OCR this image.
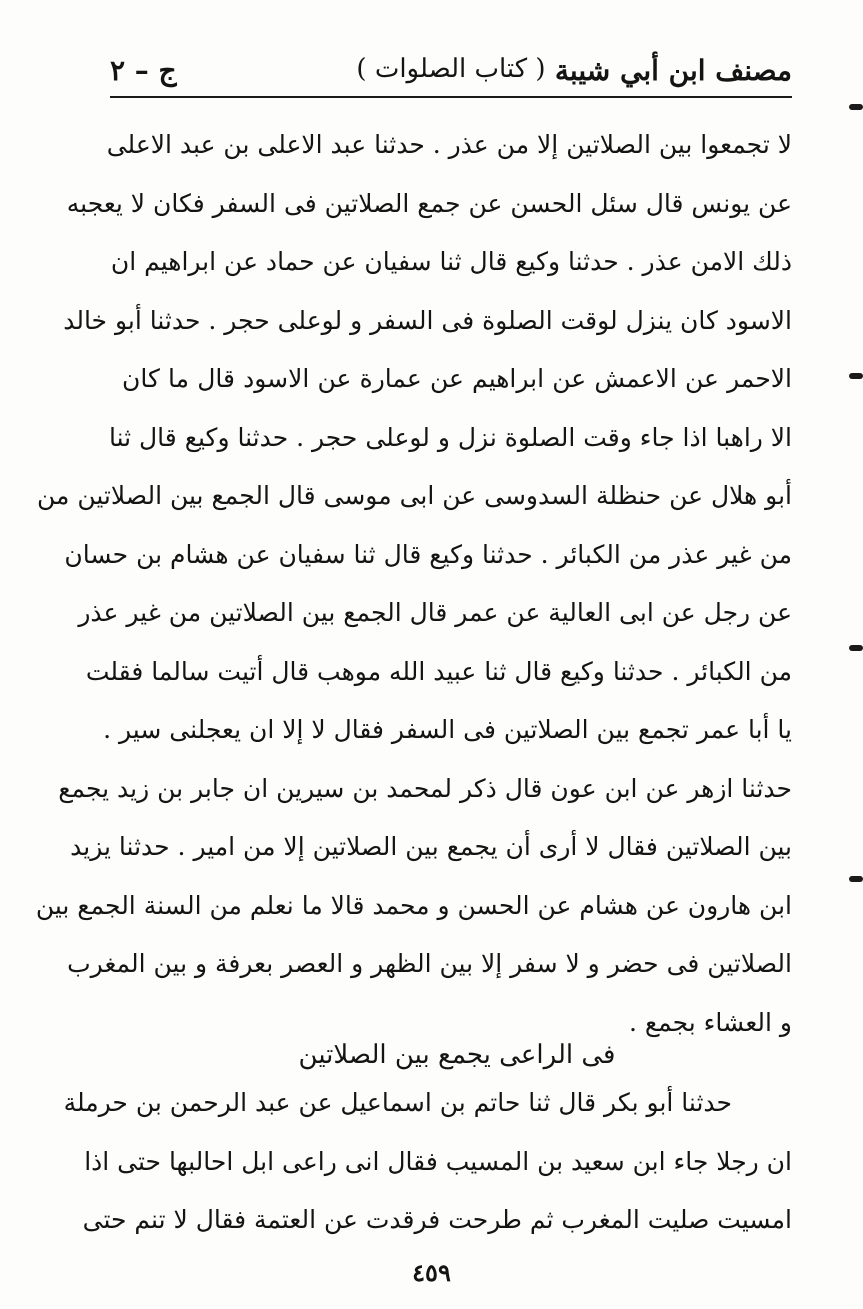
مصنف ابن أبي شيبة
( كتاب الصلوات )
ج – ٢
لا تجمعوا بين الصلاتين إلا من عذر . حدثنا عبد الاعلى بن عبد الاعلى
عن يونس قال سئل الحسن عن جمع الصلاتين فى السفر فكان لا يعجبه
ذلك الامن عذر . حدثنا وكيع قال ثنا سفيان عن حماد عن ابراهيم ان
الاسود كان ينزل لوقت الصلوة فى السفر و لوعلى حجر . حدثنا أبو خالد
الاحمر عن الاعمش عن ابراهيم عن عمارة عن الاسود قال ما كان
الا راهبا اذا جاء وقت الصلوة نزل و لوعلى حجر . حدثنا وكيع قال ثنا
أبو هلال عن حنظلة السدوسى عن ابى موسى قال الجمع بين الصلاتين من
من غير عذر من الكبائر . حدثنا وكيع قال ثنا سفيان عن هشام بن حسان
عن رجل عن ابى العالية عن عمر قال الجمع بين الصلاتين من غير عذر
من الكبائر . حدثنا وكيع قال ثنا عبيد الله موهب قال أتيت سالما فقلت
يا أبا عمر تجمع بين الصلاتين فى السفر فقال لا إلا ان يعجلنى سير .
حدثنا ازهر عن ابن عون قال ذكر لمحمد بن سيرين ان جابر بن زيد يجمع
بين الصلاتين فقال لا أرى أن يجمع بين الصلاتين إلا من امير . حدثنا يزيد
ابن هارون عن هشام عن الحسن و محمد قالا ما نعلم من السنة الجمع بين
الصلاتين فى حضر و لا سفر إلا بين الظهر و العصر بعرفة و بين المغرب
و العشاء بجمع .
فى الراعى يجمع بين الصلاتين
حدثنا أبو بكر قال ثنا حاتم بن اسماعيل عن عبد الرحمن بن حرملة
ان رجلا جاء ابن سعيد بن المسيب فقال انى راعى ابل احالبها حتى اذا
امسيت صليت المغرب ثم طرحت فرقدت عن العتمة فقال لا تنم حتى
٤٥٩
